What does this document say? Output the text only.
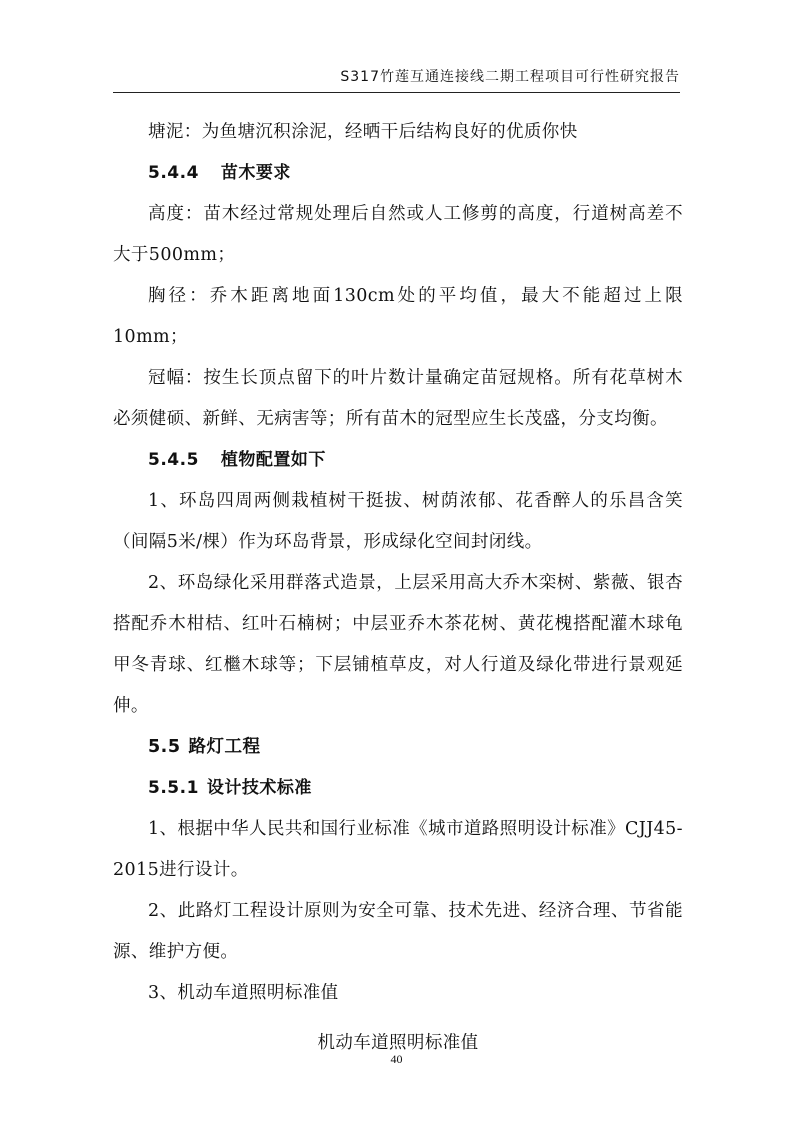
S317竹莲互通连接线二期工程项目可行性研究报告

塘泥：为鱼塘沉积涂泥，经晒干后结构良好的优质你快

5.4.4 苗木要求

高度：苗木经过常规处理后自然或人工修剪的高度，行道树高差不大于500mm；

胸径：乔木距离地面130cm处的平均值，最大不能超过上限10mm；

冠幅：按生长顶点留下的叶片数计量确定苗冠规格。所有花草树木必须健硕、新鲜、无病害等；所有苗木的冠型应生长茂盛，分支均衡。

5.4.5 植物配置如下

1、环岛四周两侧栽植树干挺拔、树荫浓郁、花香醉人的乐昌含笑（间隔5米/棵）作为环岛背景，形成绿化空间封闭线。

2、环岛绿化采用群落式造景，上层采用高大乔木栾树、紫薇、银杏搭配乔木柑桔、红叶石楠树；中层亚乔木茶花树、黄花槐搭配灌木球龟甲冬青球、红檵木球等；下层铺植草皮，对人行道及绿化带进行景观延伸。

5.5 路灯工程
5.5.1 设计技术标准

1、根据中华人民共和国行业标准《城市道路照明设计标准》CJJ45-2015进行设计。

2、此路灯工程设计原则为安全可靠、技术先进、经济合理、节省能源、维护方便。

3、机动车道照明标准值

机动车道照明标准值

40
